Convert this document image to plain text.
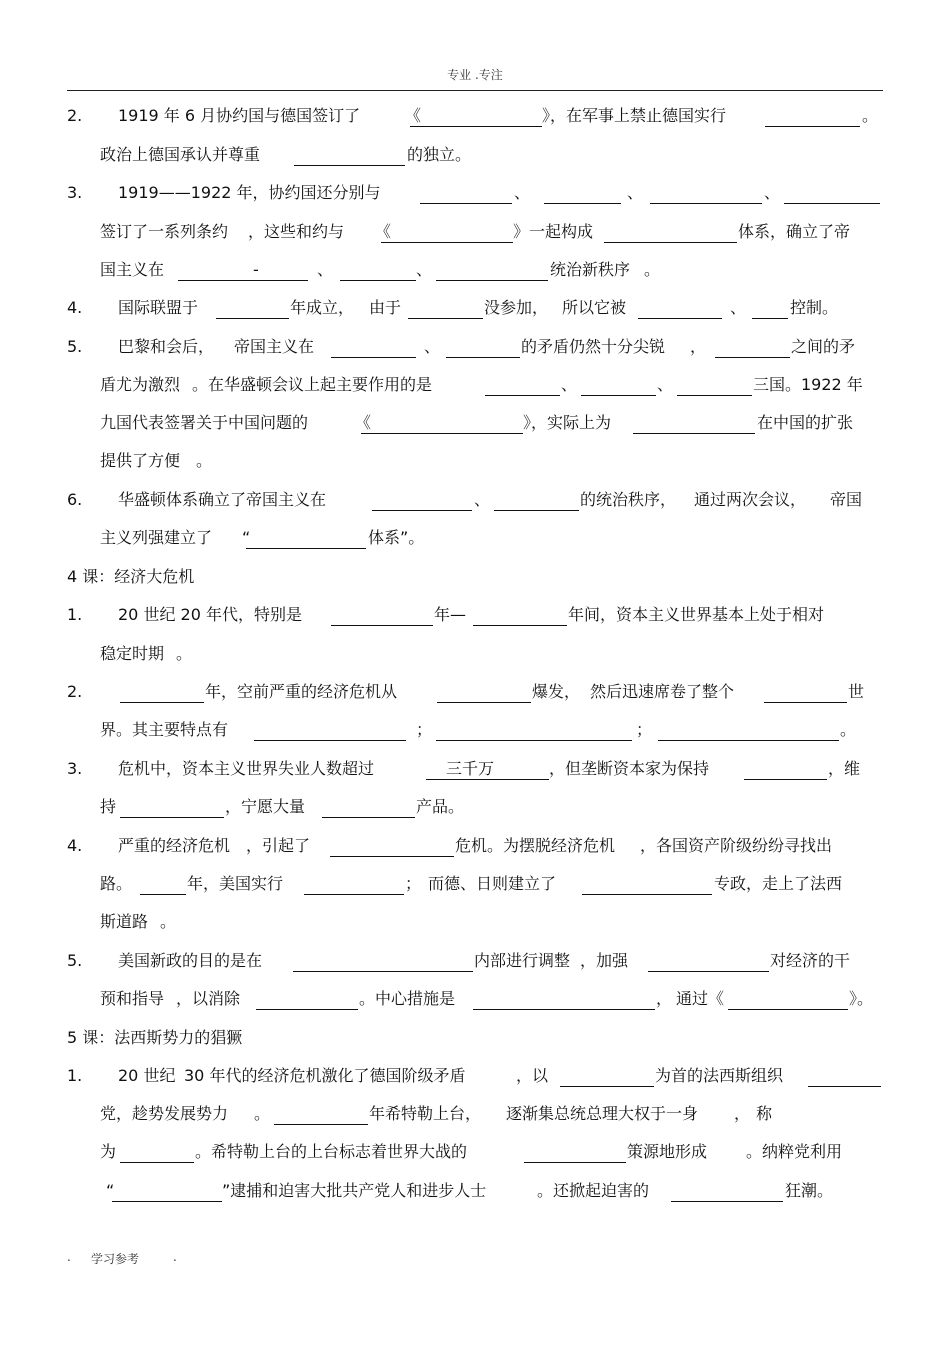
专业 .专注
2. 1919 年 6 月协约国与德国签订了	《	》，在军事上禁止德国实行	。
政治上德国承认并尊重	的独立。
3. 1919——1922 年，协约国还分别与	、	、	、
签订了一系列条约 ，这些和约与 《	》一起构成	体系，确立了帝
国主义在	-	、	、	统治新秩序 。
4. 国际联盟于	年成立， 由于	没参加， 所以它被	、	控制。
5. 巴黎和会后， 帝国主义在	、	的矛盾仍然十分尖锐 ，	之间的矛
盾尤为激烈 。在华盛顿会议上起主要作用的是	、	、	三国。1922 年
九国代表签署关于中国问题的	《	》，实际上为	在中国的扩张
提供了方便 。
6. 华盛顿体系确立了帝国主义在	、	的统治秩序， 通过两次会议， 帝国
主义列强建立了 “	体系”。
4 课：经济大危机
1. 20 世纪 20 年代，特别是	年—	年间，资本主义世界基本上处于相对
稳定时期 。
2.	年，空前严重的经济危机从	爆发， 然后迅速席卷了整个	世
界。其主要特点有	；	；	。
3. 危机中，资本主义世界失业人数超过	三千万	，但垄断资本家为保持	，维
持	，宁愿大量	产品。
4. 严重的经济危机 ，引起了	危机。为摆脱经济危机 ，各国资产阶级纷纷寻找出
路。	年，美国实行	； 而德、日则建立了	专政，走上了法西
斯道路 。
5. 美国新政的目的是在	内部进行调整 ，加强	对经济的干
预和指导 ，以消除	。中心措施是	， 通过《	》。
5 课：法西斯势力的猖獗
1. 20 世纪 30 年代的经济危机激化了德国阶级矛盾	，以	为首的法西斯组织
党，趁势发展势力 。	年希特勒上台， 逐渐集总统总理大权于一身 ， 称
为	。希特勒上台的上台标志着世界大战的	策源地形成 。纳粹党利用
“	”逮捕和迫害大批共产党人和进步人士	。还掀起迫害的	狂潮。
. 学习参考	.
